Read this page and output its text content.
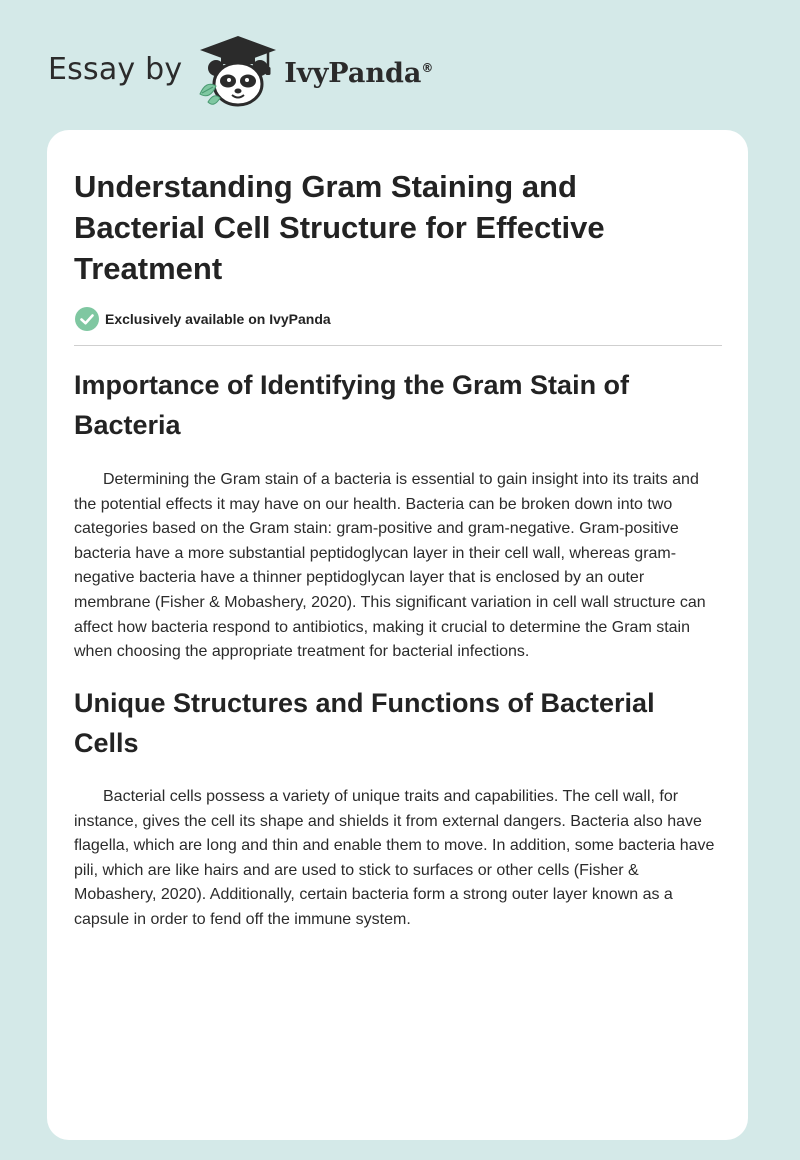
Essay by	IvyPanda®
Understanding Gram Staining and Bacterial Cell Structure for Effective Treatment
Exclusively available on IvyPanda
Importance of Identifying the Gram Stain of Bacteria

Determining the Gram stain of a bacteria is essential to gain insight into its traits and the potential effects it may have on our health. Bacteria can be broken down into two categories based on the Gram stain: gram-positive and gram-negative. Gram-positive bacteria have a more substantial peptidoglycan layer in their cell wall, whereas gram-negative bacteria have a thinner peptidoglycan layer that is enclosed by an outer membrane (Fisher & Mobashery, 2020). This significant variation in cell wall structure can affect how bacteria respond to antibiotics, making it crucial to determine the Gram stain when choosing the appropriate treatment for bacterial infections.

Unique Structures and Functions of Bacterial Cells

Bacterial cells possess a variety of unique traits and capabilities. The cell wall, for instance, gives the cell its shape and shields it from external dangers. Bacteria also have flagella, which are long and thin and enable them to move. In addition, some bacteria have pili, which are like hairs and are used to stick to surfaces or other cells (Fisher & Mobashery, 2020). Additionally, certain bacteria form a strong outer layer known as a capsule in order to fend off the immune system.
